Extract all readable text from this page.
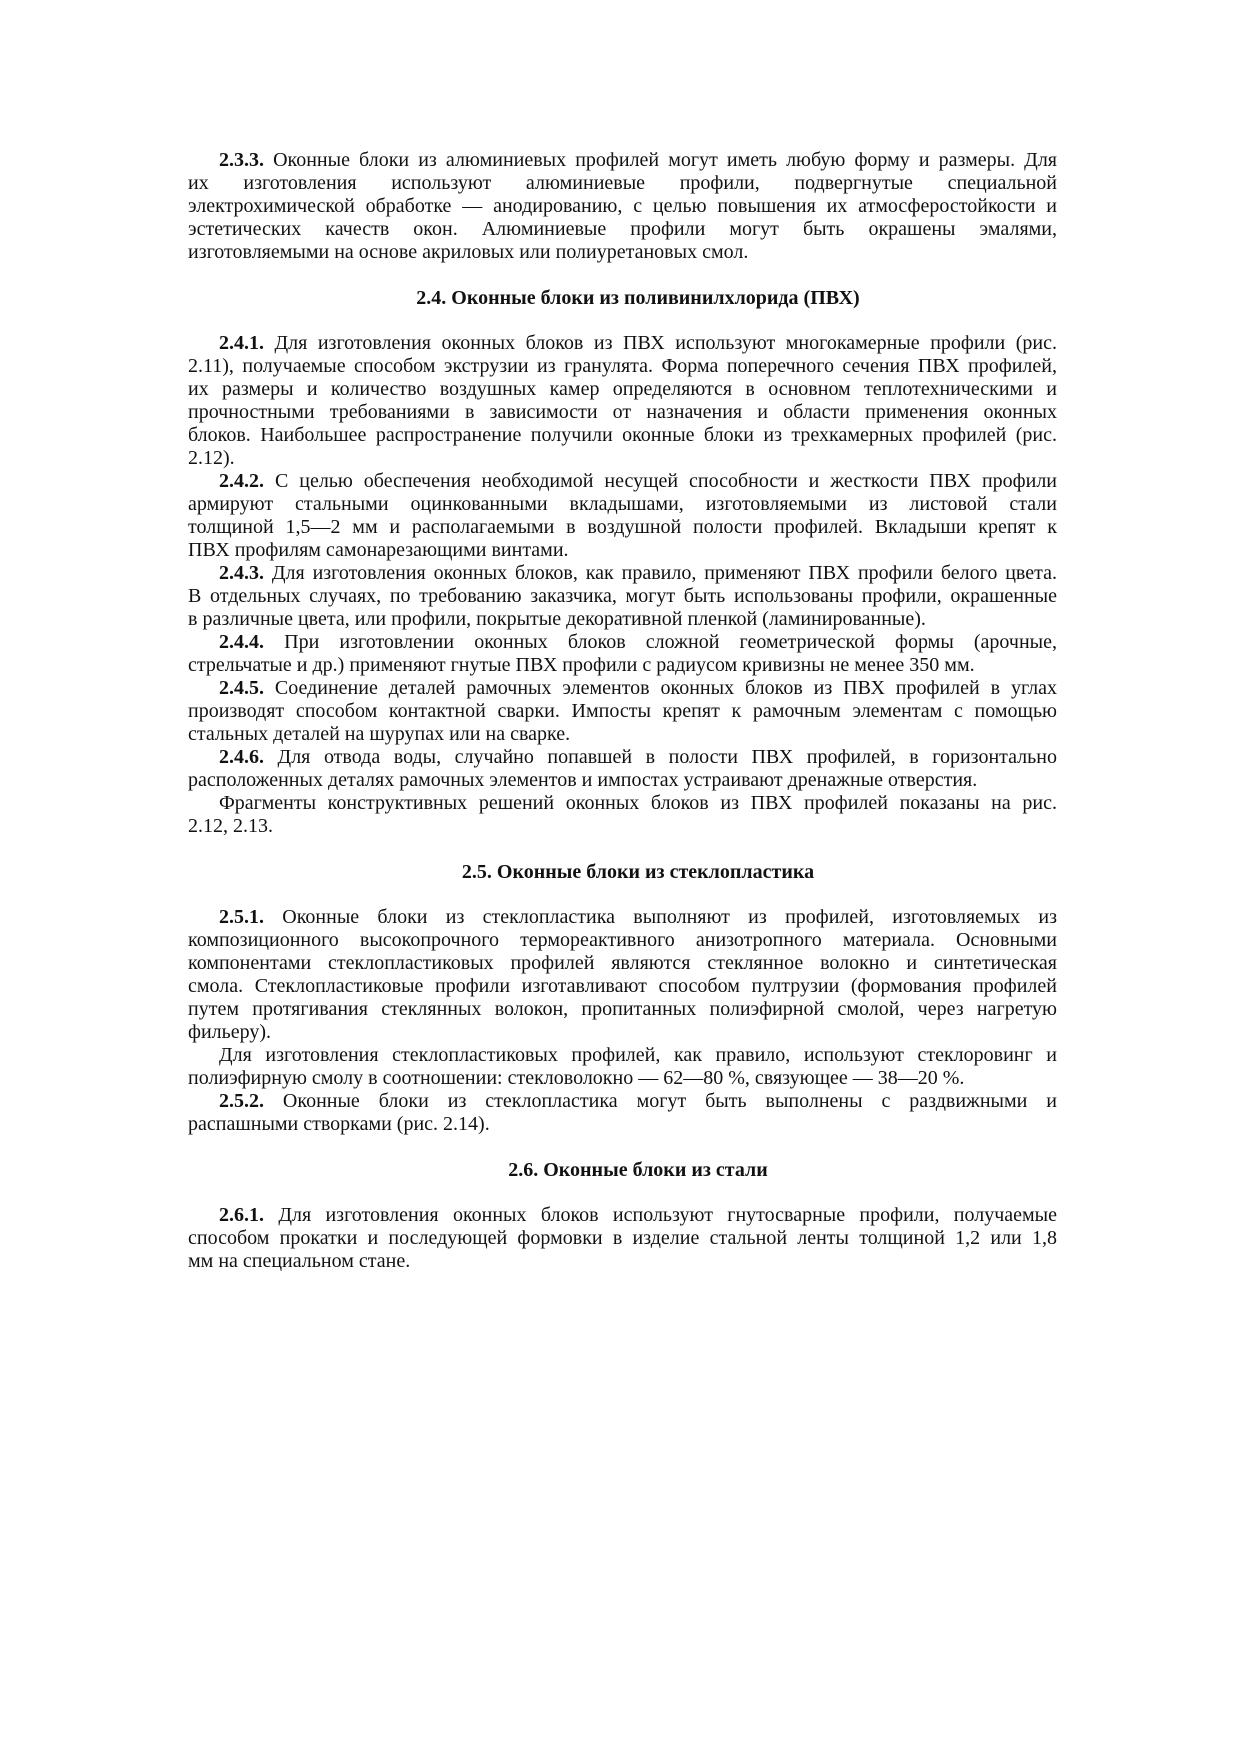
2.3.3. Оконные блоки из алюминиевых профилей могут иметь любую форму и размеры. Для
их изготовления используют алюминиевые профили, подвергнутые специальной
электрохимической обработке — анодированию, с целью повышения их атмосферостойкости и
эстетических качеств окон. Алюминиевые профили могут быть окрашены эмалями,
изготовляемыми на основе акриловых или полиуретановых смол.
2.4. Оконные блоки из поливинилхлорида (ПВХ)
2.4.1. Для изготовления оконных блоков из ПВХ используют многокамерные профили (рис.
2.11), получаемые способом экструзии из гранулята. Форма поперечного сечения ПВХ профилей,
их размеры и количество воздушных камер определяются в основном теплотехническими и
прочностными требованиями в зависимости от назначения и области применения оконных
блоков. Наибольшее распространение получили оконные блоки из трехкамерных профилей (рис.
2.12).
2.4.2. С целью обеспечения необходимой несущей способности и жесткости ПВХ профили
армируют стальными оцинкованными вкладышами, изготовляемыми из листовой стали
толщиной 1,5—2 мм и располагаемыми в воздушной полости профилей. Вкладыши крепят к
ПВХ профилям самонарезающими винтами.
2.4.3. Для изготовления оконных блоков, как правило, применяют ПВХ профили белого цвета.
В отдельных случаях, по требованию заказчика, могут быть использованы профили, окрашенные
в различные цвета, или профили, покрытые декоративной пленкой (ламинированные).
2.4.4. При изготовлении оконных блоков сложной геометрической формы (арочные,
стрельчатые и др.) применяют гнутые ПВХ профили с радиусом кривизны не менее 350 мм.
2.4.5. Соединение деталей рамочных элементов оконных блоков из ПВХ профилей в углах
производят способом контактной сварки. Импосты крепят к рамочным элементам с помощью
стальных деталей на шурупах или на сварке.
2.4.6. Для отвода воды, случайно попавшей в полости ПВХ профилей, в горизонтально
расположенных деталях рамочных элементов и импостах устраивают дренажные отверстия.
Фрагменты конструктивных решений оконных блоков из ПВХ профилей показаны на рис.
2.12, 2.13.
2.5. Оконные блоки из стеклопластика
2.5.1. Оконные блоки из стеклопластика выполняют из профилей, изготовляемых из
композиционного высокопрочного термореактивного анизотропного материала. Основными
компонентами стеклопластиковых профилей являются стеклянное волокно и синтетическая
смола. Стеклопластиковые профили изготавливают способом пултрузии (формования профилей
путем протягивания стеклянных волокон, пропитанных полиэфирной смолой, через нагретую
фильеру).
Для изготовления стеклопластиковых профилей, как правило, используют стеклоровинг и
полиэфирную смолу в соотношении: стекловолокно — 62—80 %, связующее — 38—20 %.
2.5.2. Оконные блоки из стеклопластика могут быть выполнены с раздвижными и
распашными створками (рис. 2.14).
2.6. Оконные блоки из стали
2.6.1. Для изготовления оконных блоков используют гнутосварные профили, получаемые
способом прокатки и последующей формовки в изделие стальной ленты толщиной 1,2 или 1,8
мм на специальном стане.
